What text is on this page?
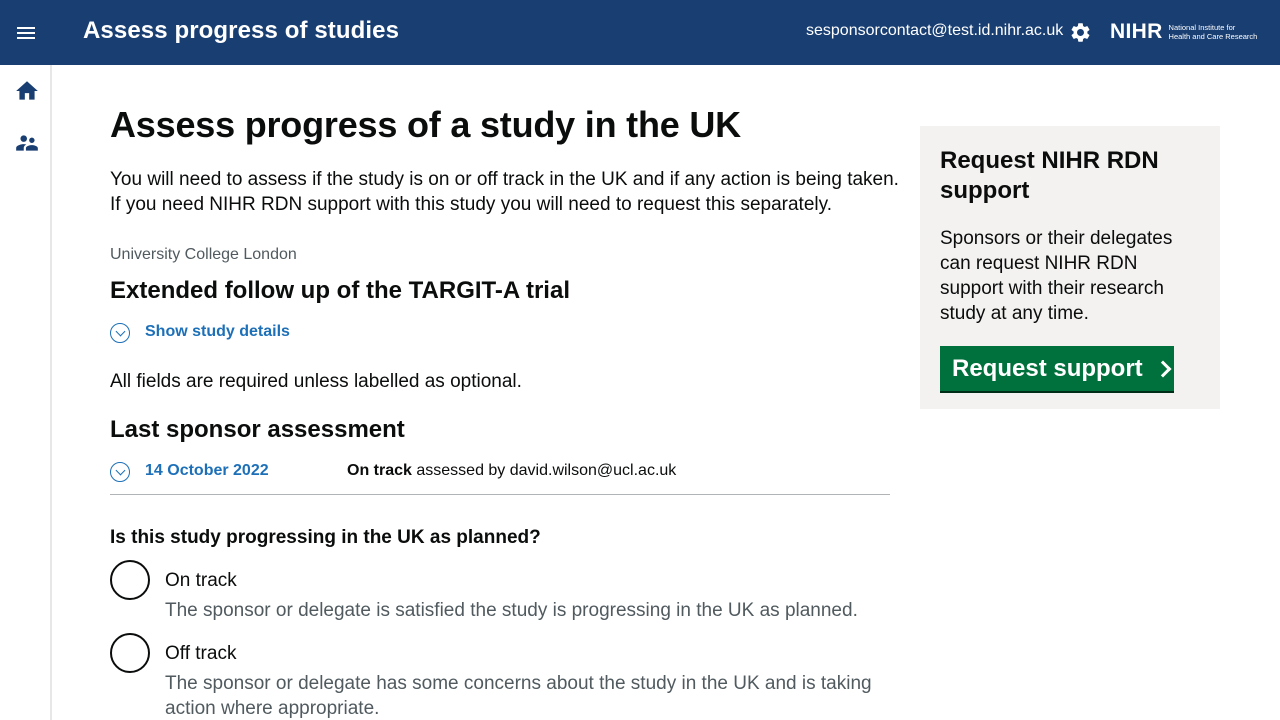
Assess progress of studies	sesponsorcontact@test.id.nihr.ac.uk NIHR National Institute for
Health and Care Research
Assess progress of a study in the UK

You will need to assess if the study is on or off track in the UK and if any action is being taken. If you need NIHR RDN support with this study you will need to request this separately.

University College London
Extended follow up of the TARGIT-A trial
Show study details

All fields are required unless labelled as optional.

Last sponsor assessment
14 October 2022	On track assessed by david.wilson@ucl.ac.uk

Is this study progressing in the UK as planned?

On track
The sponsor or delegate is satisfied the study is progressing in the UK as planned.
Off track
The sponsor or delegate has some concerns about the study in the UK and is taking action where appropriate.
Request NIHR RDN support

Sponsors or their delegates can request NIHR RDN support with their research study at any time.

Request support
